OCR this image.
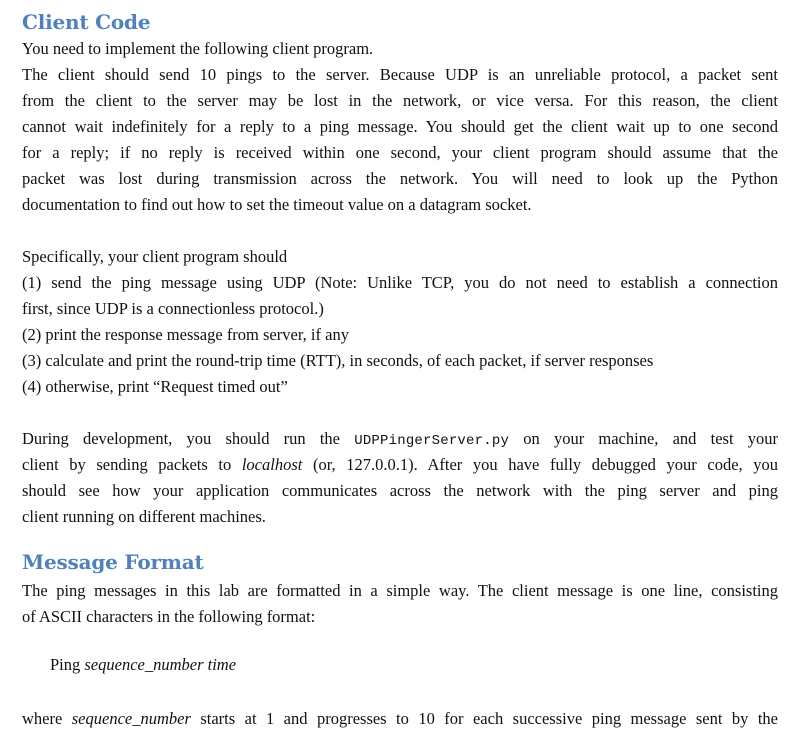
Client Code
You need to implement the following client program.
The client should send 10 pings to the server. Because UDP is an unreliable protocol, a packet sent
from the client to the server may be lost in the network, or vice versa. For this reason, the client
cannot wait indefinitely for a reply to a ping message. You should get the client wait up to one second
for a reply; if no reply is received within one second, your client program should assume that the
packet was lost during transmission across the network. You will need to look up the Python
documentation to find out how to set the timeout value on a datagram socket.
Specifically, your client program should
(1) send the ping message using UDP (Note: Unlike TCP, you do not need to establish a connection
first, since UDP is a connectionless protocol.)
(2) print the response message from server, if any
(3) calculate and print the round-trip time (RTT), in seconds, of each packet, if server responses
(4) otherwise, print “Request timed out”
During development, you should run the UDPPingerServer.py on your machine, and test your
client by sending packets to localhost (or, 127.0.0.1). After you have fully debugged your code, you
should see how your application communicates across the network with the ping server and ping
client running on different machines.
Message Format
The ping messages in this lab are formatted in a simple way. The client message is one line, consisting
of ASCII characters in the following format:
Ping sequence_number time
where sequence_number starts at 1 and progresses to 10 for each successive ping message sent by the
